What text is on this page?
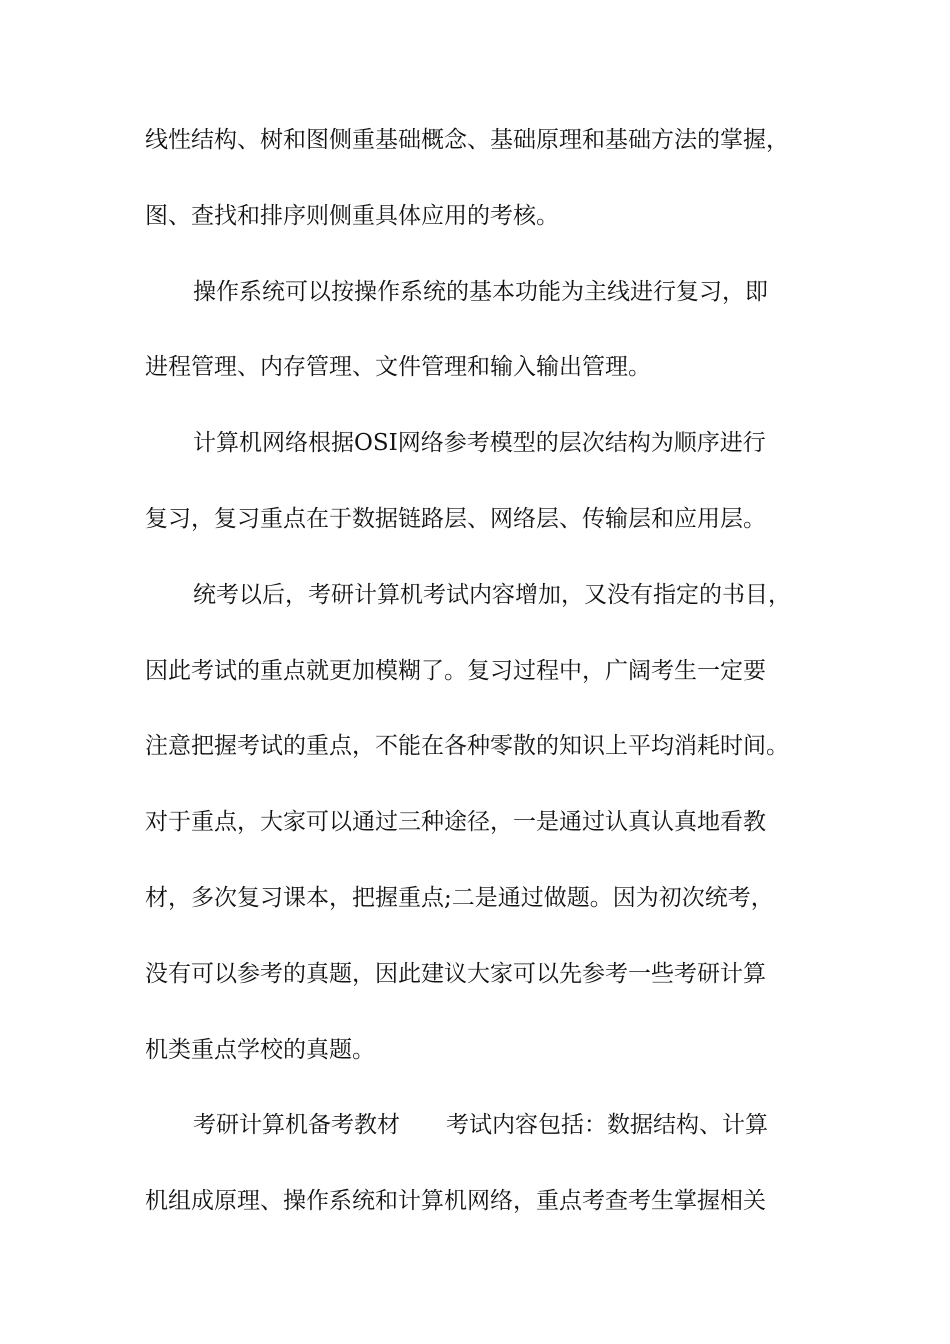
线性结构、树和图侧重基础概念、基础原理和基础方法的掌握，
图、查找和排序则侧重具体应用的考核。
操作系统可以按操作系统的基本功能为主线进行复习，即
进程管理、内存管理、文件管理和输入输出管理。
计算机网络根据OSI网络参考模型的层次结构为顺序进行
复习，复习重点在于数据链路层、网络层、传输层和应用层。
统考以后，考研计算机考试内容增加，又没有指定的书目，
因此考试的重点就更加模糊了。复习过程中，广阔考生一定要
注意把握考试的重点，不能在各种零散的知识上平均消耗时间。
对于重点，大家可以通过三种途径，一是通过认真认真地看教
材，多次复习课本，把握重点;二是通过做题。因为初次统考，
没有可以参考的真题，因此建议大家可以先参考一些考研计算
机类重点学校的真题。
考研计算机备考教材　　考试内容包括：数据结构、计算
机组成原理、操作系统和计算机网络，重点考查考生掌握相关
